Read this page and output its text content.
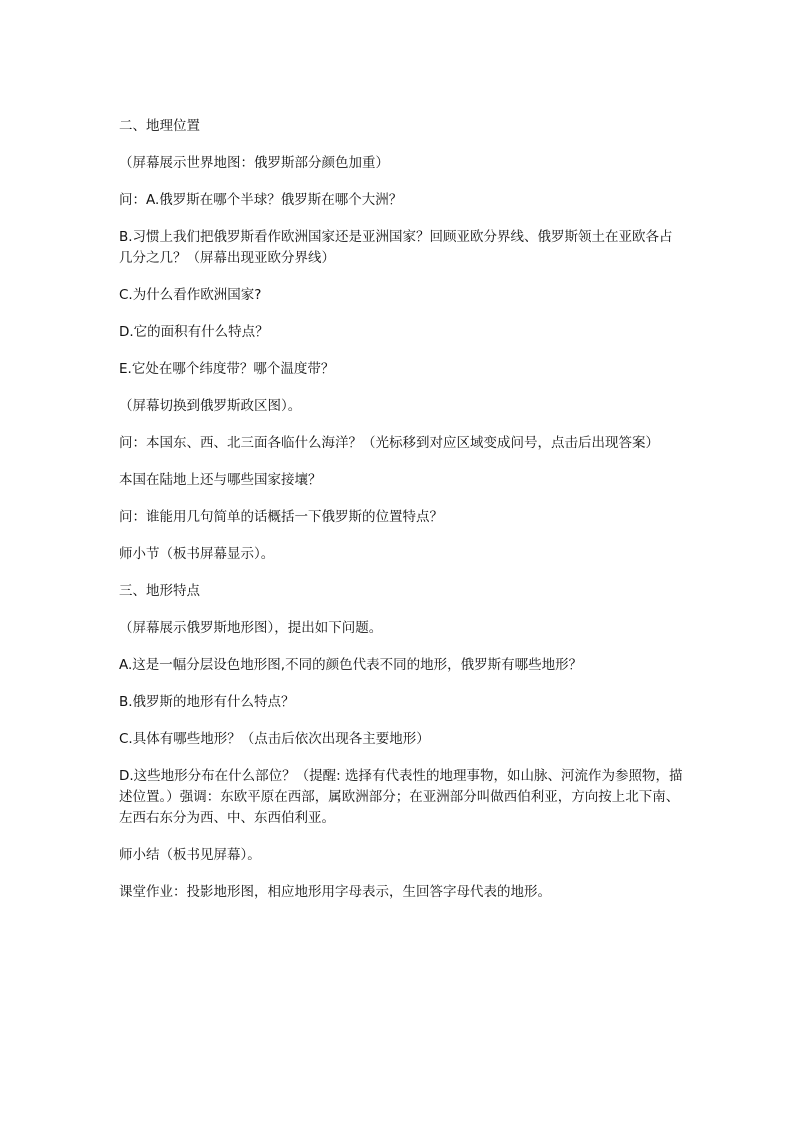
二、地理位置

（屏幕展示世界地图：俄罗斯部分颜色加重）

问：A.俄罗斯在哪个半球？俄罗斯在哪个大洲？

B.习惯上我们把俄罗斯看作欧洲国家还是亚洲国家？回顾亚欧分界线、俄罗斯领土在亚欧各占几分之几？（屏幕出现亚欧分界线）

C.为什么看作欧洲国家?

D.它的面积有什么特点？

E.它处在哪个纬度带？哪个温度带？

（屏幕切换到俄罗斯政区图）。

问：本国东、西、北三面各临什么海洋？（光标移到对应区域变成问号，点击后出现答案）

本国在陆地上还与哪些国家接壤？

问：谁能用几句简单的话概括一下俄罗斯的位置特点？

师小节（板书屏幕显示）。

三、地形特点

（屏幕展示俄罗斯地形图），提出如下问题。

A.这是一幅分层设色地形图,不同的颜色代表不同的地形，俄罗斯有哪些地形？

B.俄罗斯的地形有什么特点？

C.具体有哪些地形？（点击后依次出现各主要地形）

D.这些地形分布在什么部位？（提醒: 选择有代表性的地理事物，如山脉、河流作为参照物，描述位置。）强调：东欧平原在西部，属欧洲部分；在亚洲部分叫做西伯利亚，方向按上北下南、左西右东分为西、中、东西伯利亚。

师小结（板书见屏幕）。

课堂作业：投影地形图，相应地形用字母表示，生回答字母代表的地形。
